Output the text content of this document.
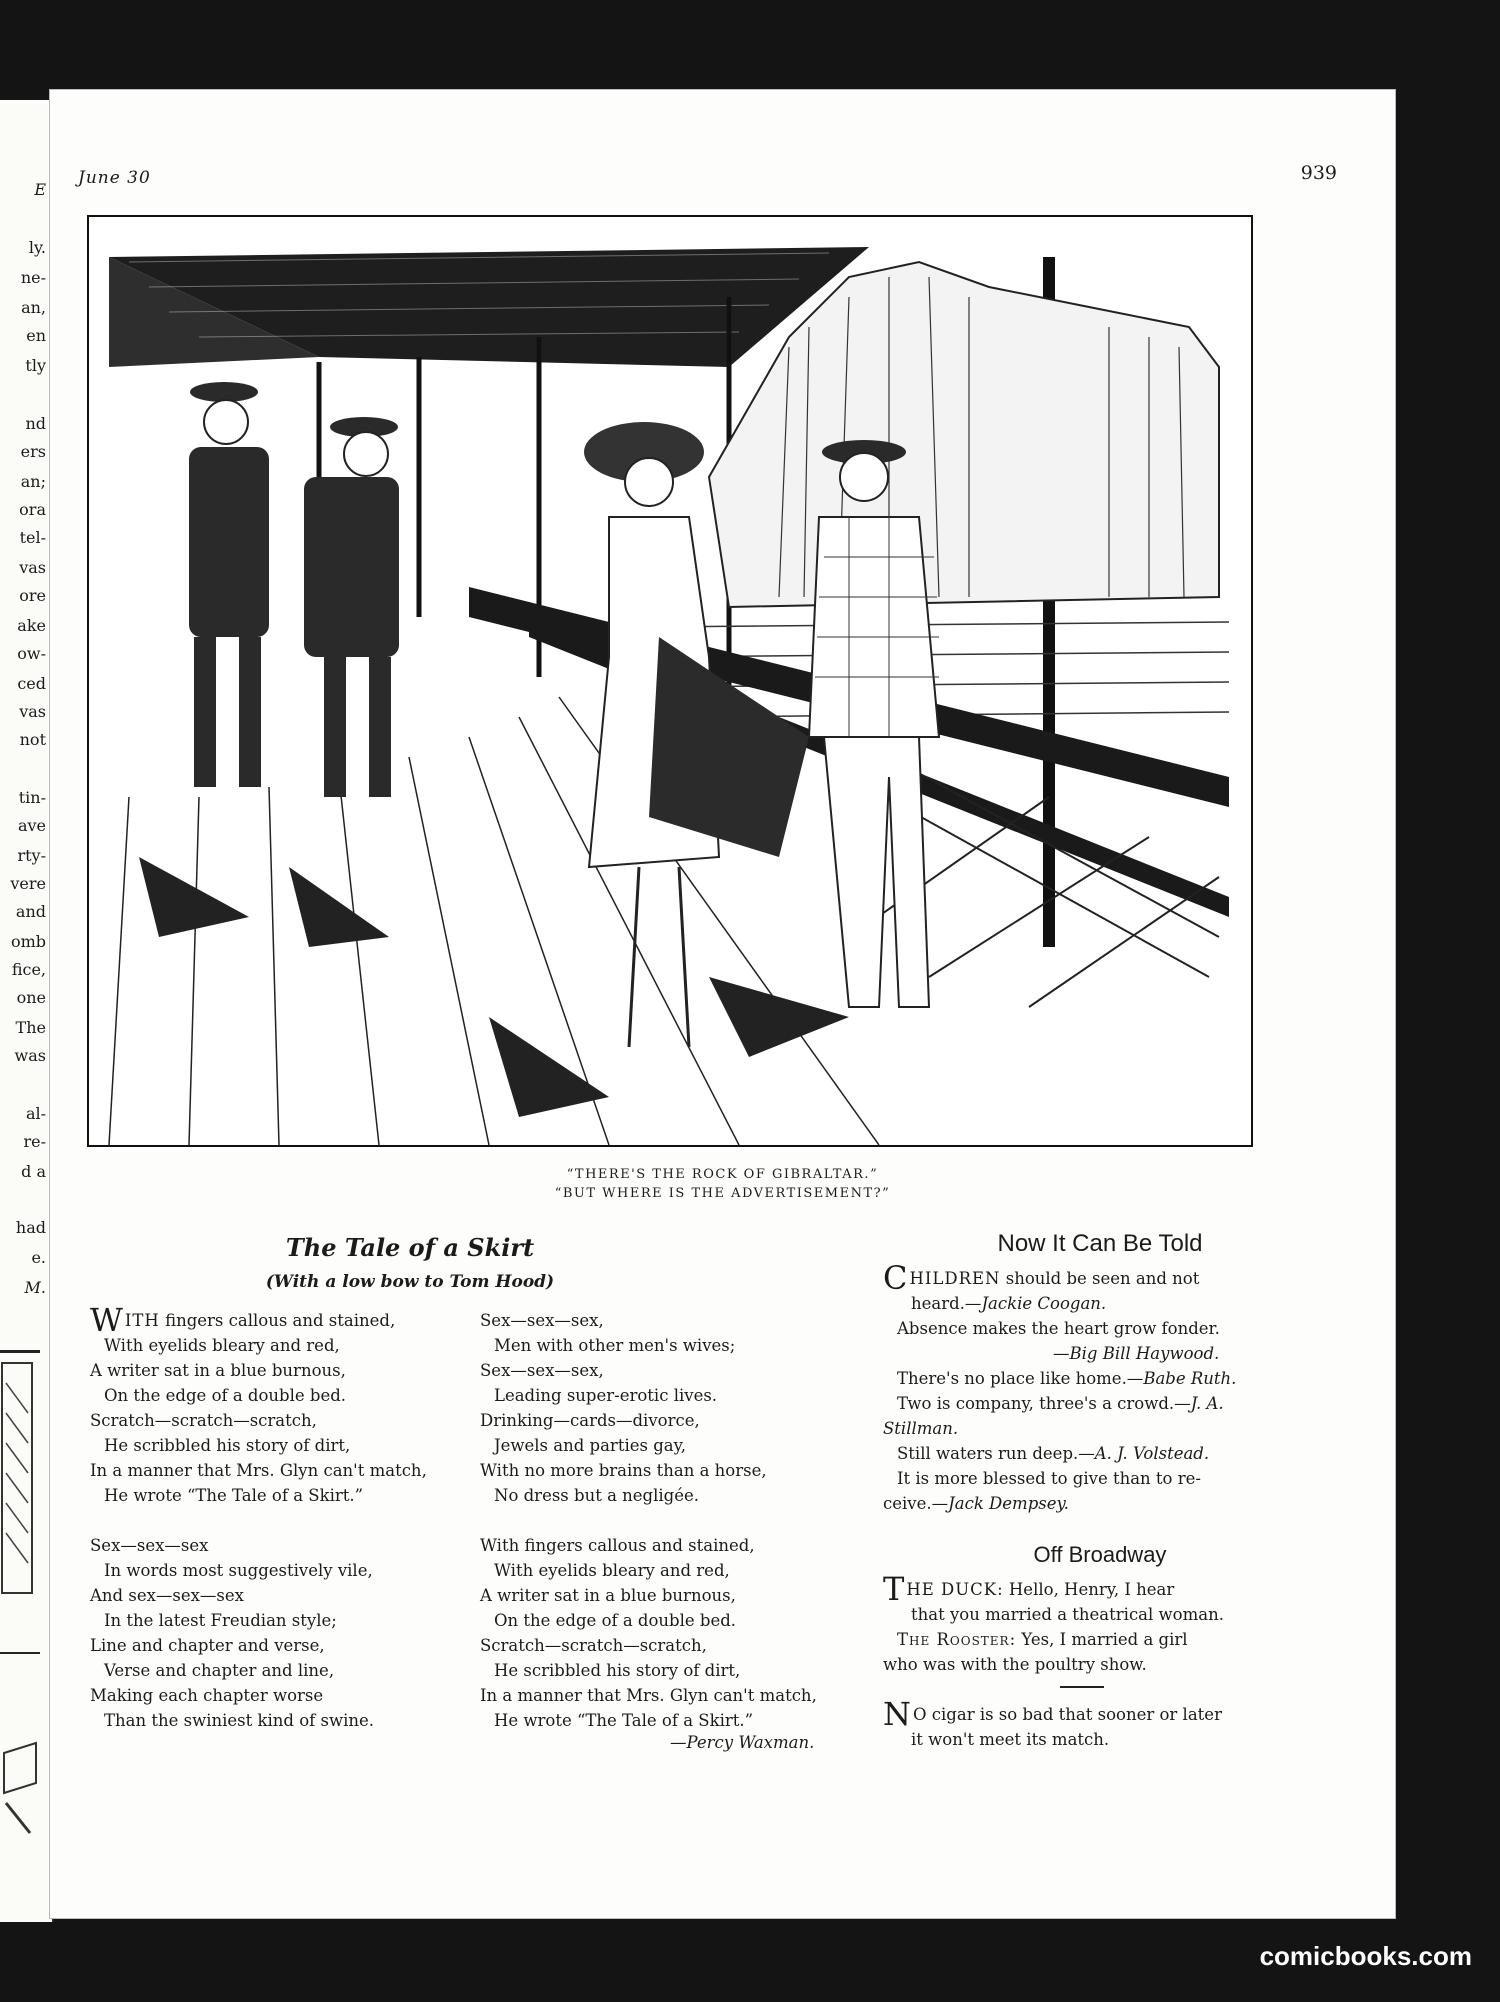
E
ly.
ne-
an,
en
tly
nd
ers
an;
ora
tel-
vas
ore
ake
ow-
ced
vas
not
tin-
ave
rty-
vere
and
omb
fice,
one
The
was
al-
re-
d a
had
e.
M.
June 30	939
“THERE'S THE ROCK OF GIBRALTAR.”
“BUT WHERE IS THE ADVERTISEMENT?”
The Tale of a Skirt
(With a low bow to Tom Hood)
WITH fingers callous and stained,
With eyelids bleary and red,
A writer sat in a blue burnous,
On the edge of a double bed.
Scratch—scratch—scratch,
He scribbled his story of dirt,
In a manner that Mrs. Glyn can't match,
He wrote “The Tale of a Skirt.”
Sex—sex—sex
In words most suggestively vile,
And sex—sex—sex
In the latest Freudian style;
Line and chapter and verse,
Verse and chapter and line,
Making each chapter worse
Than the swiniest kind of swine.
Sex—sex—sex,
Men with other men's wives;
Sex—sex—sex,
Leading super-erotic lives.
Drinking—cards—divorce,
Jewels and parties gay,
With no more brains than a horse,
No dress but a negligée.
With fingers callous and stained,
With eyelids bleary and red,
A writer sat in a blue burnous,
On the edge of a double bed.
Scratch—scratch—scratch,
He scribbled his story of dirt,
In a manner that Mrs. Glyn can't match,
He wrote “The Tale of a Skirt.”
—Percy Waxman.
Now It Can Be Told
CHILDREN should be seen and not
heard.—Jackie Coogan.
Absence makes the heart grow fonder.
—Big Bill Haywood.
There's no place like home.—Babe Ruth.
Two is company, three's a crowd.—J. A.
Stillman.
Still waters run deep.—A. J. Volstead.
It is more blessed to give than to re-
ceive.—Jack Dempsey.
Off Broadway
THE DUCK: Hello, Henry, I hear
that you married a theatrical woman.
The Rooster: Yes, I married a girl
who was with the poultry show.
N O cigar is so bad that sooner or later
it won't meet its match.
comicbooks.com
